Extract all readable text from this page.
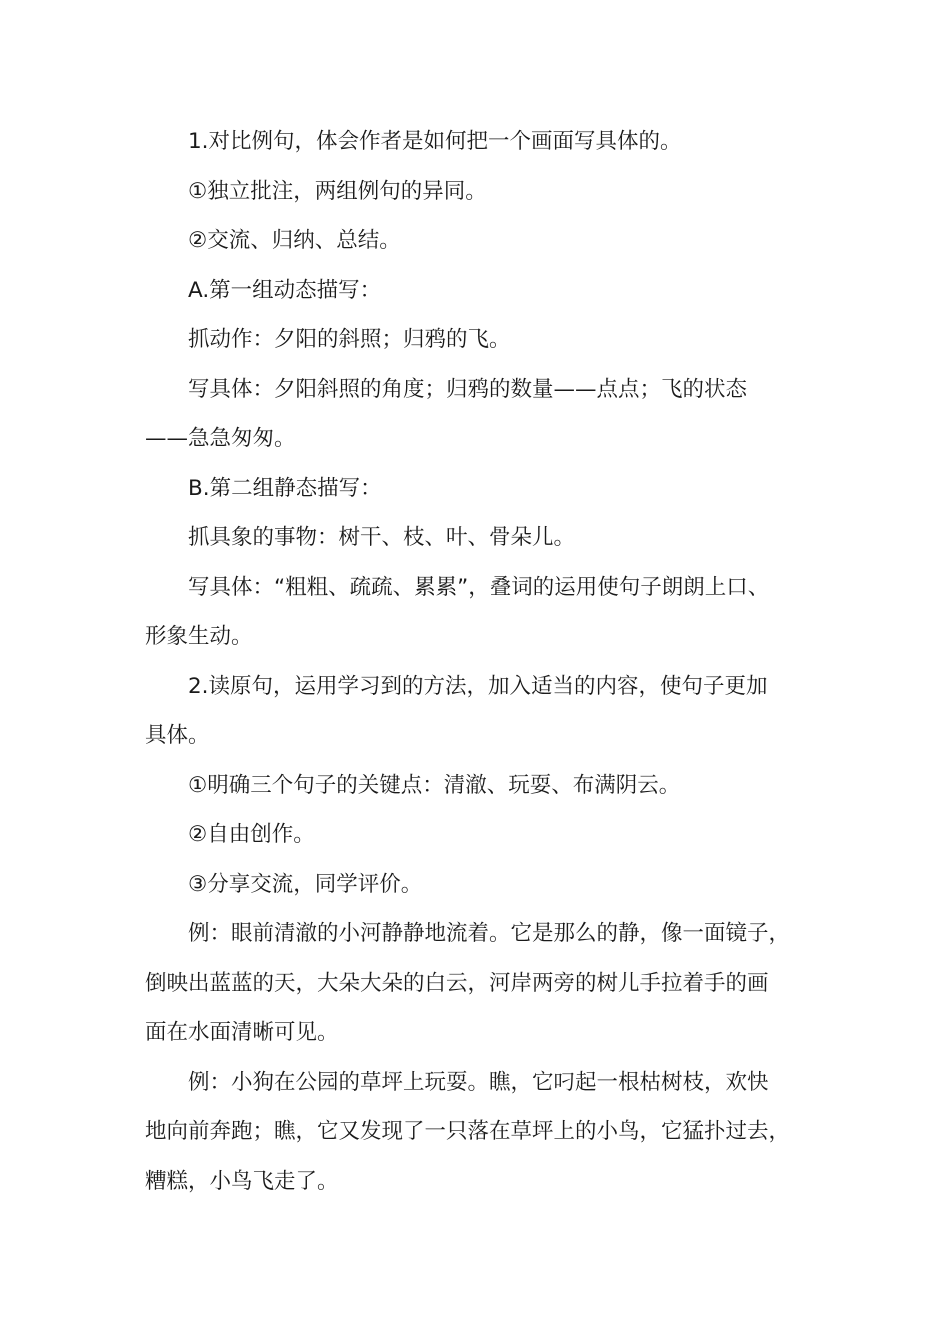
1.对比例句，体会作者是如何把一个画面写具体的。

①独立批注，两组例句的异同。

②交流、归纳、总结。

A.第一组动态描写：

抓动作：夕阳的斜照；归鸦的飞。

写具体：夕阳斜照的角度；归鸦的数量——点点；飞的状态

——急急匆匆。

B.第二组静态描写：

抓具象的事物：树干、枝、叶、骨朵儿。

写具体：“粗粗、疏疏、累累”，叠词的运用使句子朗朗上口、

形象生动。

2.读原句，运用学习到的方法，加入适当的内容，使句子更加

具体。

①明确三个句子的关键点：清澈、玩耍、布满阴云。

②自由创作。

③分享交流，同学评价。

例：眼前清澈的小河静静地流着。它是那么的静，像一面镜子，

倒映出蓝蓝的天，大朵大朵的白云，河岸两旁的树儿手拉着手的画

面在水面清晰可见。

例：小狗在公园的草坪上玩耍。瞧，它叼起一根枯树枝，欢快

地向前奔跑；瞧，它又发现了一只落在草坪上的小鸟，它猛扑过去，

糟糕，小鸟飞走了。
